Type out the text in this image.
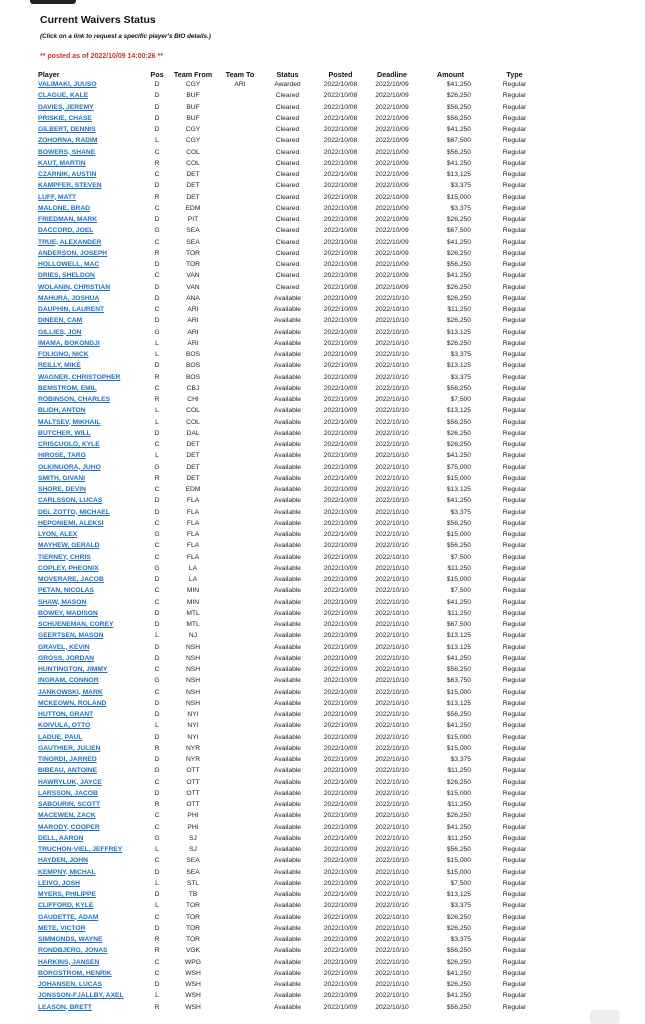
Current Waivers Status
(Click on a link to request a specific player's BIO details.)
** posted as of 2022/10/09 14:00:26 **
Player	Pos	Team From	Team To	Status	Posted	Deadline	Amount	Type
VALIMAKI, JUUSO	D	CGY	ARI	Awarded	2022/10/08	2022/10/09	$41,250	Regular
CLAGUE, KALE	D	BUF		Cleared	2022/10/08	2022/10/09	$26,250	Regular
DAVIES, JEREMY	D	BUF		Cleared	2022/10/08	2022/10/09	$56,250	Regular
PRISKIE, CHASE	D	BUF		Cleared	2022/10/08	2022/10/09	$56,250	Regular
GILBERT, DENNIS	D	CGY		Cleared	2022/10/08	2022/10/09	$41,250	Regular
ZOHORNA, RADIM	L	CGY		Cleared	2022/10/08	2022/10/09	$67,500	Regular
BOWERS, SHANE	C	COL		Cleared	2022/10/08	2022/10/09	$56,250	Regular
KAUT, MARTIN	R	COL		Cleared	2022/10/08	2022/10/09	$41,250	Regular
CZARNIK, AUSTIN	C	DET		Cleared	2022/10/08	2022/10/09	$13,125	Regular
KAMPFER, STEVEN	D	DET		Cleared	2022/10/08	2022/10/09	$3,375	Regular
LUFF, MATT	R	DET		Cleared	2022/10/08	2022/10/09	$15,000	Regular
MALONE, BRAD	C	EDM		Cleared	2022/10/08	2022/10/09	$3,375	Regular
FRIEDMAN, MARK	D	PIT		Cleared	2022/10/08	2022/10/09	$26,250	Regular
DACCORD, JOEL	G	SEA		Cleared	2022/10/08	2022/10/09	$67,500	Regular
TRUE, ALEXANDER	C	SEA		Cleared	2022/10/08	2022/10/09	$41,250	Regular
ANDERSON, JOSEPH	R	TOR		Cleared	2022/10/08	2022/10/09	$26,250	Regular
HOLLOWELL, MAC	D	TOR		Cleared	2022/10/08	2022/10/09	$56,250	Regular
DRIES, SHELDON	C	VAN		Cleared	2022/10/08	2022/10/09	$41,250	Regular
WOLANIN, CHRISTIAN	D	VAN		Cleared	2022/10/08	2022/10/09	$26,250	Regular
MAHURA, JOSHUA	D	ANA		Available	2022/10/09	2022/10/10	$26,250	Regular
DAUPHIN, LAURENT	C	ARI		Available	2022/10/09	2022/10/10	$11,250	Regular
DINEEN, CAM	D	ARI		Available	2022/10/09	2022/10/10	$26,250	Regular
GILLIES, JON	G	ARI		Available	2022/10/09	2022/10/10	$13,125	Regular
IMAMA, BOKONDJI	L	ARI		Available	2022/10/09	2022/10/10	$26,250	Regular
FOLIGNO, NICK	L	BOS		Available	2022/10/09	2022/10/10	$3,375	Regular
REILLY, MIKE	D	BOS		Available	2022/10/09	2022/10/10	$13,125	Regular
WAGNER, CHRISTOPHER	R	BOS		Available	2022/10/09	2022/10/10	$3,375	Regular
BEMSTROM, EMIL	C	CBJ		Available	2022/10/09	2022/10/10	$56,250	Regular
ROBINSON, CHARLES	R	CHI		Available	2022/10/09	2022/10/10	$7,500	Regular
BLIDH, ANTON	L	COL		Available	2022/10/09	2022/10/10	$13,125	Regular
MALTSEV, MIKHAIL	L	COL		Available	2022/10/09	2022/10/10	$56,250	Regular
BUTCHER, WILL	D	DAL		Available	2022/10/09	2022/10/10	$26,250	Regular
CRISCUOLO, KYLE	C	DET		Available	2022/10/09	2022/10/10	$26,250	Regular
HIROSE, TARO	L	DET		Available	2022/10/09	2022/10/10	$41,250	Regular
OLKINUORA, JUHO	G	DET		Available	2022/10/09	2022/10/10	$75,000	Regular
SMITH, GIVANI	R	DET		Available	2022/10/09	2022/10/10	$15,000	Regular
SHORE, DEVIN	C	EDM		Available	2022/10/09	2022/10/10	$13,125	Regular
CARLSSON, LUCAS	D	FLA		Available	2022/10/09	2022/10/10	$41,250	Regular
DEL ZOTTO, MICHAEL	D	FLA		Available	2022/10/09	2022/10/10	$3,375	Regular
HEPONIEMI, ALEKSI	C	FLA		Available	2022/10/09	2022/10/10	$56,250	Regular
LYON, ALEX	G	FLA		Available	2022/10/09	2022/10/10	$15,000	Regular
MAYHEW, GERALD	C	FLA		Available	2022/10/09	2022/10/10	$56,250	Regular
TIERNEY, CHRIS	C	FLA		Available	2022/10/09	2022/10/10	$7,500	Regular
COPLEY, PHEONIX	G	LA		Available	2022/10/09	2022/10/10	$11,250	Regular
MOVERARE, JACOB	D	LA		Available	2022/10/09	2022/10/10	$15,000	Regular
PETAN, NICOLAS	C	MIN		Available	2022/10/09	2022/10/10	$7,500	Regular
SHAW, MASON	C	MIN		Available	2022/10/09	2022/10/10	$41,250	Regular
BOWEY, MADISON	D	MTL		Available	2022/10/09	2022/10/10	$11,250	Regular
SCHUENEMAN, COREY	D	MTL		Available	2022/10/09	2022/10/10	$67,500	Regular
GEERTSEN, MASON	L	NJ		Available	2022/10/09	2022/10/10	$13,125	Regular
GRAVEL, KEVIN	D	NSH		Available	2022/10/09	2022/10/10	$13,125	Regular
GROSS, JORDAN	D	NSH		Available	2022/10/09	2022/10/10	$41,250	Regular
HUNTINGTON, JIMMY	C	NSH		Available	2022/10/09	2022/10/10	$56,250	Regular
INGRAM, CONNOR	G	NSH		Available	2022/10/09	2022/10/10	$63,750	Regular
JANKOWSKI, MARK	C	NSH		Available	2022/10/09	2022/10/10	$15,000	Regular
MCKEOWN, ROLAND	D	NSH		Available	2022/10/09	2022/10/10	$13,125	Regular
HUTTON, GRANT	D	NYI		Available	2022/10/09	2022/10/10	$56,250	Regular
KOIVULA, OTTO	L	NYI		Available	2022/10/09	2022/10/10	$41,250	Regular
LADUE, PAUL	D	NYI		Available	2022/10/09	2022/10/10	$15,000	Regular
GAUTHIER, JULIEN	R	NYR		Available	2022/10/09	2022/10/10	$15,000	Regular
TINORDI, JARRED	D	NYR		Available	2022/10/09	2022/10/10	$3,375	Regular
BIBEAU, ANTOINE	G	OTT		Available	2022/10/09	2022/10/10	$11,250	Regular
HAWRYLUK, JAYCE	C	OTT		Available	2022/10/09	2022/10/10	$26,250	Regular
LARSSON, JACOB	D	OTT		Available	2022/10/09	2022/10/10	$15,000	Regular
SABOURIN, SCOTT	R	OTT		Available	2022/10/09	2022/10/10	$11,250	Regular
MACEWEN, ZACK	C	PHI		Available	2022/10/09	2022/10/10	$26,250	Regular
MARODY, COOPER	C	PHI		Available	2022/10/09	2022/10/10	$41,250	Regular
DELL, AARON	G	SJ		Available	2022/10/09	2022/10/10	$11,250	Regular
TRUCHON-VIEL, JEFFREY	L	SJ		Available	2022/10/09	2022/10/10	$56,250	Regular
HAYDEN, JOHN	C	SEA		Available	2022/10/09	2022/10/10	$15,000	Regular
KEMPNY, MICHAL	D	SEA		Available	2022/10/09	2022/10/10	$15,000	Regular
LEIVO, JOSH	L	STL		Available	2022/10/09	2022/10/10	$7,500	Regular
MYERS, PHILIPPE	D	TB		Available	2022/10/09	2022/10/10	$13,125	Regular
CLIFFORD, KYLE	L	TOR		Available	2022/10/09	2022/10/10	$3,375	Regular
GAUDETTE, ADAM	C	TOR		Available	2022/10/09	2022/10/10	$26,250	Regular
METE, VICTOR	D	TOR		Available	2022/10/09	2022/10/10	$26,250	Regular
SIMMONDS, WAYNE	R	TOR		Available	2022/10/09	2022/10/10	$3,375	Regular
RONDBJERG, JONAS	R	VGK		Available	2022/10/09	2022/10/10	$56,250	Regular
HARKINS, JANSEN	C	WPG		Available	2022/10/09	2022/10/10	$26,250	Regular
BORGSTROM, HENRIK	C	WSH		Available	2022/10/09	2022/10/10	$41,250	Regular
JOHANSEN, LUCAS	D	WSH		Available	2022/10/09	2022/10/10	$26,250	Regular
JONSSON-FJALLBY, AXEL	L	WSH		Available	2022/10/09	2022/10/10	$41,250	Regular
LEASON, BRETT	R	WSH		Available	2022/10/09	2022/10/10	$56,250	Regular
